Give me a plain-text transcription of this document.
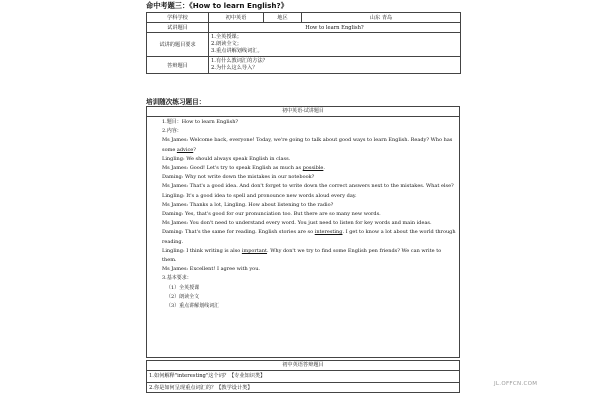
命中考题三：《How to learn English?》
学科学校	初中英语	地区	山东 青岛
试讲题目	How to learn English?		
试讲的题目要求	1.全英授课；
2.朗读全文；
3.重点讲解划线词汇。		

答辩题目	1.有什么教词汇的方法？
2.为什么这么导入？		
培训随次练习题目：
初中英语-试讲题目
1.题目：How to learn English?
2.内容：
Ms James: Welcome back, everyone! Today, we're going to talk about good ways to learn English. Ready? Who has some advice?
Lingling: We should always speak English in class.
Ms James: Good! Let's try to speak English as much as possible.
Daming: Why not write down the mistakes in our notebook?
Ms James: That's a good idea. And don't forget to write down the correct answers next to the mistakes. What else?
Lingling: It's a good idea to spell and pronounce new words aloud every day.
Ms James: Thanks a lot, Lingling. How about listening to the radio?
Daming: Yes, that's good for our pronunciation too. But there are so many new words.
Ms James: You don't need to understand every word. You just need to listen for key words and main ideas.
Daming: That's the same for reading. English stories are so interesting. I get to know a lot about the world through reading.
Lingling: I think writing is also important. Why don't we try to find some English pen friends? We can write to them.
Ms James: Excellent! I agree with you.
3.基本要求：
（1）全英授课
（2）朗读全文
（3）重点讲解划线词汇
初中英语答辩题目
1.如何解释"interesting"这个词？【专业知识类】
2.你是如何呈现重点词汇的？【教学设计类】
JL.OFFCN.COM
